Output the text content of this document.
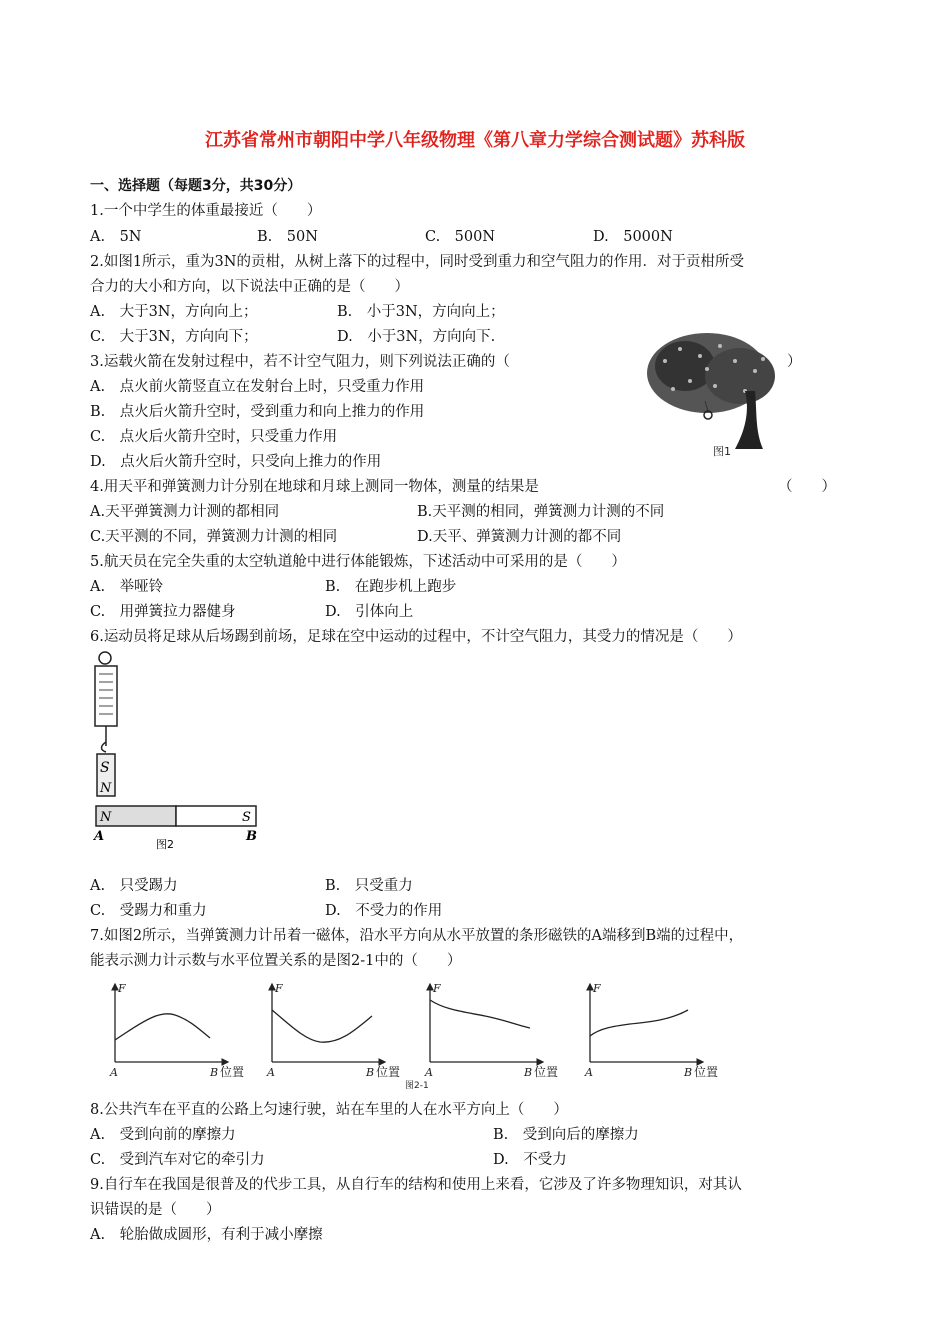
江苏省常州市朝阳中学八年级物理《第八章力学综合测试题》苏科版
一、选择题（每题3分，共30分）
1.一个中学生的体重最接近（　　）
A.　5N	B.　50N	C.　500N	D.　5000N
2.如图1所示，重为3N的贡柑，从树上落下的过程中，同时受到重力和空气阻力的作用．对于贡柑所受
合力的大小和方向，以下说法中正确的是（　　）
A.　大于3N，方向向上；	B.　小于3N，方向向上；
C.　大于3N，方向向下；	D.　小于3N，方向向下.
3.运载火箭在发射过程中，若不计空气阻力，则下列说法正确的（	）
A.　点火前火箭竖直立在发射台上时，只受重力作用
B.　点火后火箭升空时，受到重力和向上推力的作用
C.　点火后火箭升空时，只受重力作用
D.　点火后火箭升空时，只受向上推力的作用
图1
4.用天平和弹簧测力计分别在地球和月球上测同一物体，测量的结果是	（　　）
A.天平弹簧测力计测的都相同	B.天平测的相同，弹簧测力计测的不同
C.天平测的不同，弹簧测力计测的相同	D.天平、弹簧测力计测的都不同
5.航天员在完全失重的太空轨道舱中进行体能锻炼，下述活动中可采用的是（　　）
A.　举哑铃	B.　在跑步机上跑步
C.　用弹簧拉力器健身	D.　引体向上
6.运动员将足球从后场踢到前场，足球在空中运动的过程中，不计空气阻力，其受力的情况是（　　）
S
N
N	S
A	B
图2
A.　只受踢力	B.　只受重力
C.　受踢力和重力	D.　不受力的作用
7.如图2所示，当弹簧测力计吊着一磁体，沿水平方向从水平放置的条形磁铁的A端移到B端的过程中，
能表示测力计示数与水平位置关系的是图2-1中的（　　）
F
A	B
F
A	B
F
A	B
F
A	B
位置	位置	位置	位置
图2-1
8.公共汽车在平直的公路上匀速行驶，站在车里的人在水平方向上（　　）
A.　受到向前的摩擦力	B.　受到向后的摩擦力
C.　受到汽车对它的牵引力	D.　不受力
9.自行车在我国是很普及的代步工具，从自行车的结构和使用上来看，它涉及了许多物理知识，对其认
识错误的是（　　）
A.　轮胎做成圆形，有利于减小摩擦
